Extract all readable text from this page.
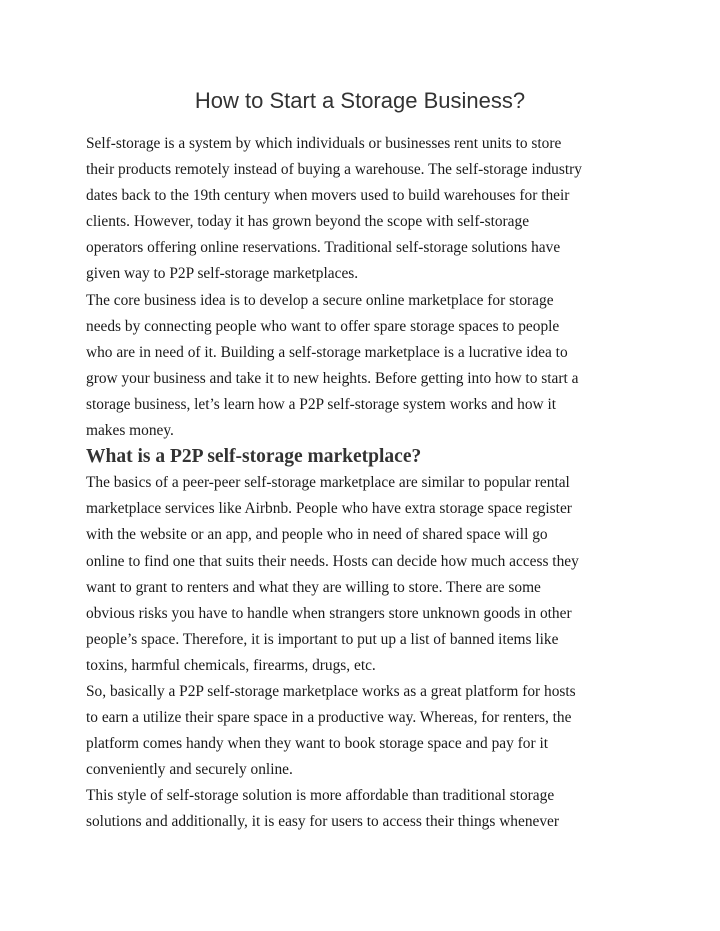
How to Start a Storage Business?
Self-storage is a system by which individuals or businesses rent units to store
their products remotely instead of buying a warehouse. The self-storage industry
dates back to the 19th century when movers used to build warehouses for their
clients. However, today it has grown beyond the scope with self-storage
operators offering online reservations. Traditional self-storage solutions have
given way to P2P self-storage marketplaces.
The core business idea is to develop a secure online marketplace for storage
needs by connecting people who want to offer spare storage spaces to people
who are in need of it. Building a self-storage marketplace is a lucrative idea to
grow your business and take it to new heights. Before getting into how to start a
storage business, let’s learn how a P2P self-storage system works and how it
makes money.
What is a P2P self-storage marketplace?
The basics of a peer-peer self-storage marketplace are similar to popular rental
marketplace services like Airbnb. People who have extra storage space register
with the website or an app, and people who in need of shared space will go
online to find one that suits their needs. Hosts can decide how much access they
want to grant to renters and what they are willing to store. There are some
obvious risks you have to handle when strangers store unknown goods in other
people’s space. Therefore, it is important to put up a list of banned items like
toxins, harmful chemicals, firearms, drugs, etc.
So, basically a P2P self-storage marketplace works as a great platform for hosts
to earn a utilize their spare space in a productive way. Whereas, for renters, the
platform comes handy when they want to book storage space and pay for it
conveniently and securely online.
This style of self-storage solution is more affordable than traditional storage
solutions and additionally, it is easy for users to access their things whenever
